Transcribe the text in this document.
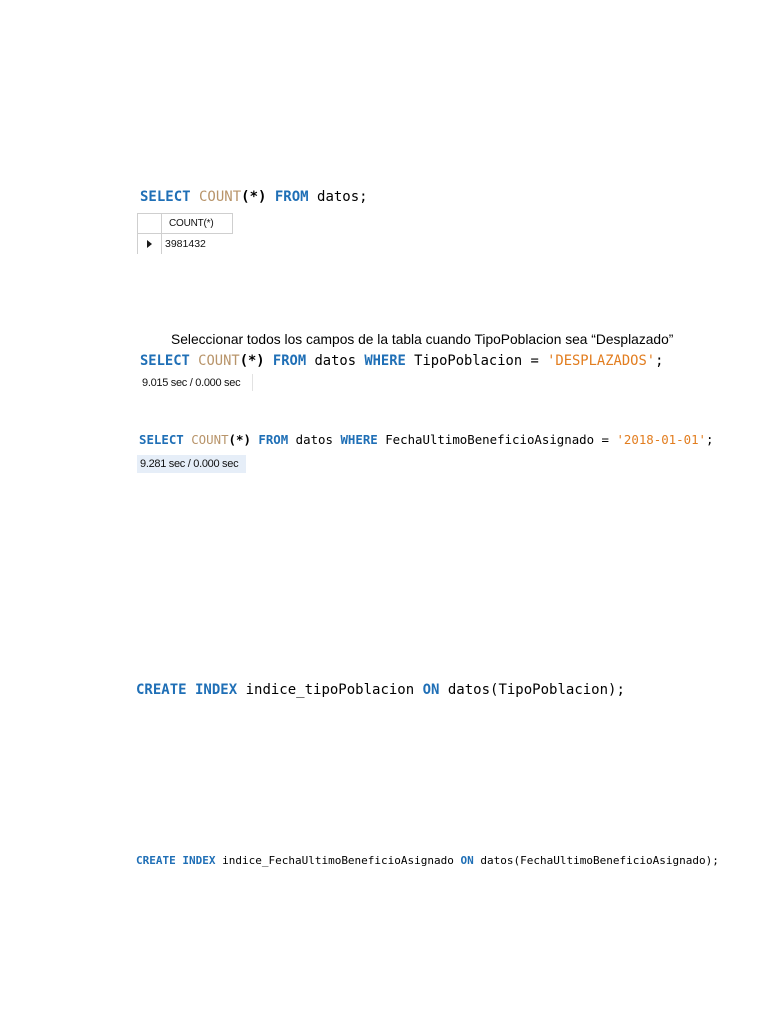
SELECT COUNT (*) FROM datos;
COUNT(*)
3981432
Seleccionar todos los campos de la tabla cuando TipoPoblacion sea “Desplazado”
SELECT COUNT (*) FROM datos WHERE TipoPoblacion = 'DESPLAZADOS' ;
9.015 sec / 0.000 sec
SELECT COUNT (*) FROM datos WHERE FechaUltimoBeneficioAsignado = '2018-01-01' ;
9.281 sec / 0.000 sec
CREATE INDEX indice_tipoPoblacion ON datos(TipoPoblacion);
CREATE INDEX indice_FechaUltimoBeneficioAsignado ON datos(FechaUltimoBeneficioAsignado);
